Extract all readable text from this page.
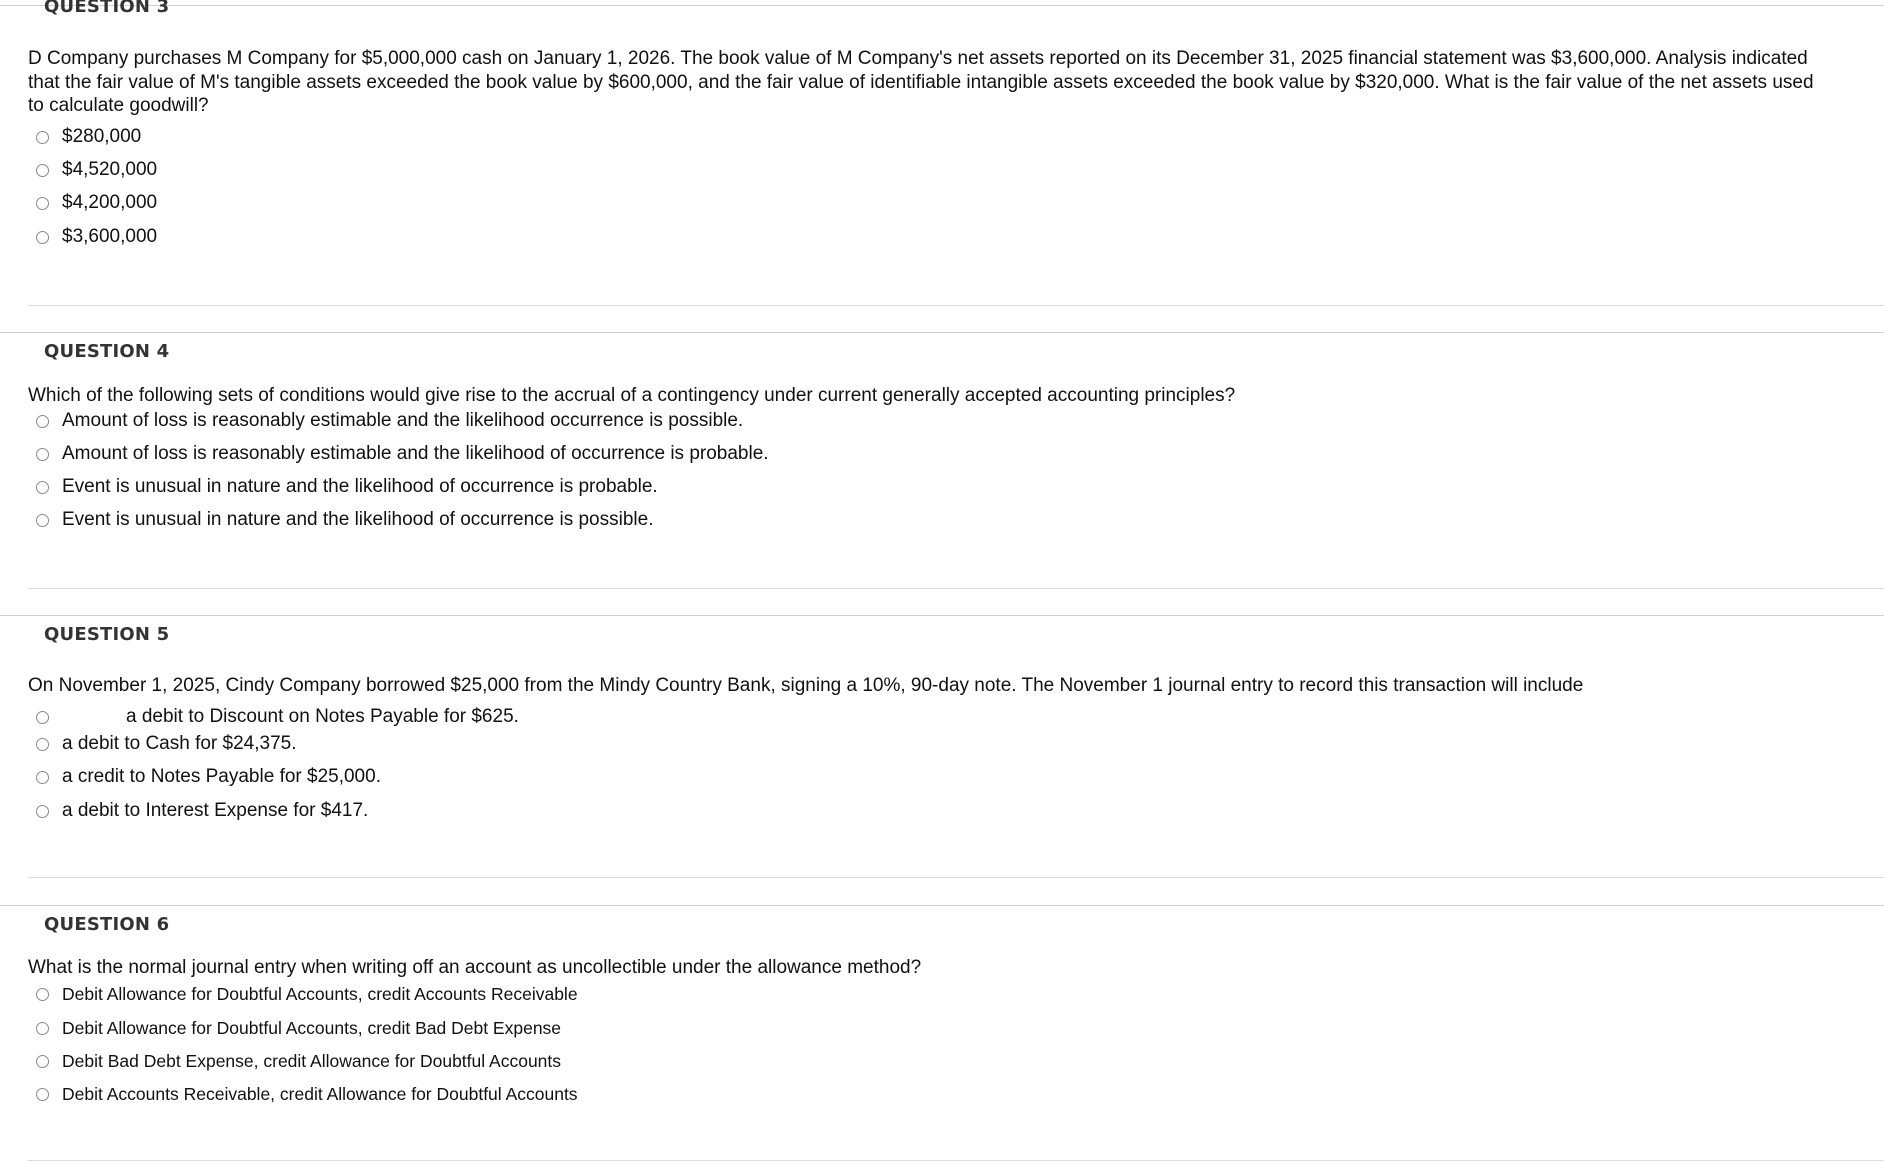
QUESTION 3
D Company purchases M Company for $5,000,000 cash on January 1, 2026. The book value of M Company's net assets reported on its December 31, 2025 financial statement was $3,600,000. Analysis indicated that the fair value of M's tangible assets exceeded the book value by $600,000, and the fair value of identifiable intangible assets exceeded the book value by $320,000. What is the fair value of the net assets used to calculate goodwill?
$280,000
$4,520,000
$4,200,000
$3,600,000
QUESTION 4
Which of the following sets of conditions would give rise to the accrual of a contingency under current generally accepted accounting principles?
Amount of loss is reasonably estimable and the likelihood occurrence is possible.
Amount of loss is reasonably estimable and the likelihood of occurrence is probable.
Event is unusual in nature and the likelihood of occurrence is probable.
Event is unusual in nature and the likelihood of occurrence is possible.
QUESTION 5
On November 1, 2025, Cindy Company borrowed $25,000 from the Mindy Country Bank, signing a 10%, 90-day note. The November 1 journal entry to record this transaction will include
a debit to Discount on Notes Payable for $625.
a debit to Cash for $24,375.
a credit to Notes Payable for $25,000.
a debit to Interest Expense for $417.
QUESTION 6
What is the normal journal entry when writing off an account as uncollectible under the allowance method?
Debit Allowance for Doubtful Accounts, credit Accounts Receivable
Debit Allowance for Doubtful Accounts, credit Bad Debt Expense
Debit Bad Debt Expense, credit Allowance for Doubtful Accounts
Debit Accounts Receivable, credit Allowance for Doubtful Accounts
